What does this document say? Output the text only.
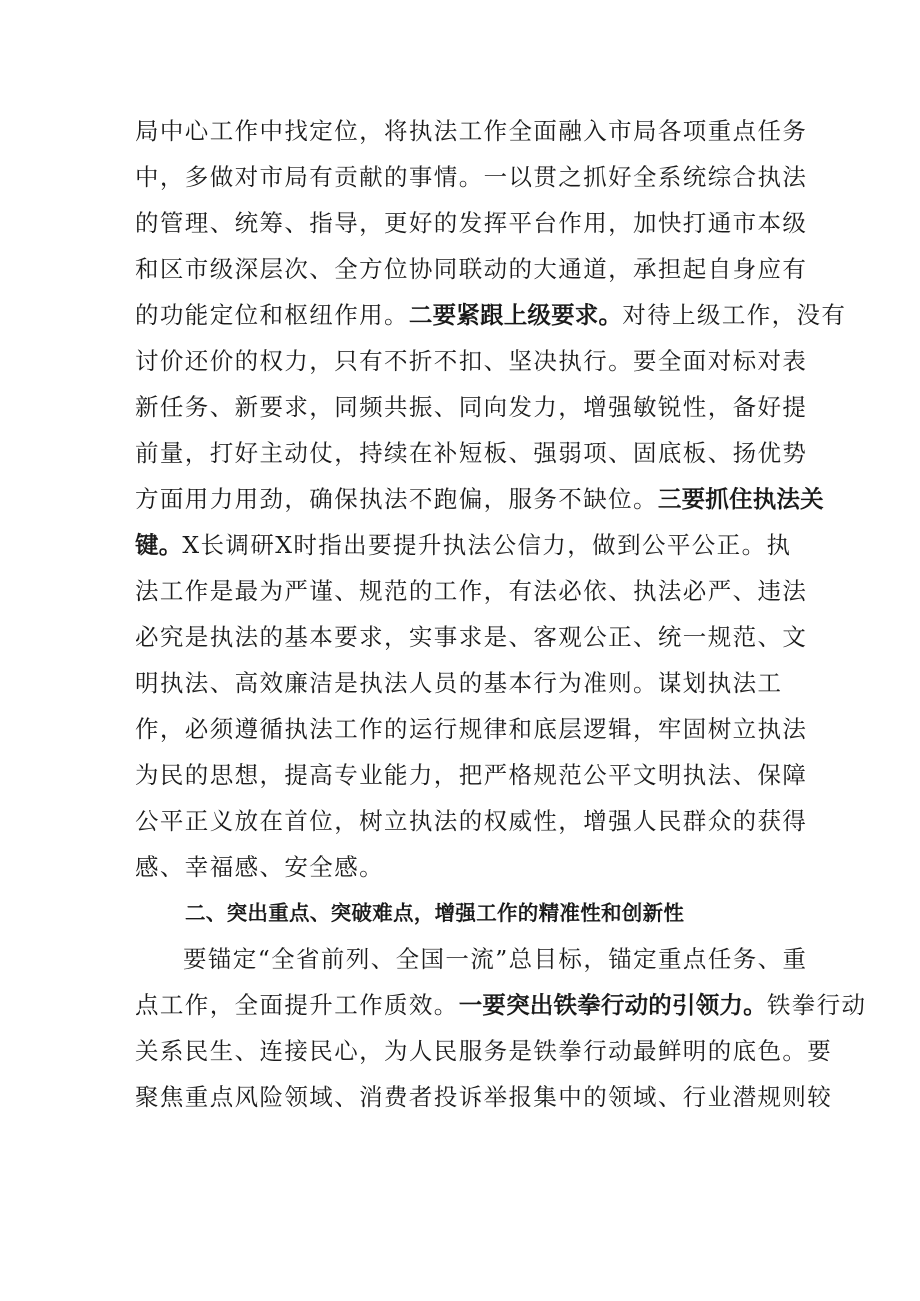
局中心工作中找定位，将执法工作全面融入市局各项重点任务
中，多做对市局有贡献的事情。一以贯之抓好全系统综合执法
的管理、统筹、指导，更好的发挥平台作用，加快打通市本级
和区市级深层次、全方位协同联动的大通道，承担起自身应有
的功能定位和枢纽作用。二要紧跟上级要求。对待上级工作，没有
讨价还价的权力，只有不折不扣、坚决执行。要全面对标对表
新任务、新要求，同频共振、同向发力，增强敏锐性，备好提
前量，打好主动仗，持续在补短板、强弱项、固底板、扬优势
方面用力用劲，确保执法不跑偏，服务不缺位。三要抓住执法关
键。X长调研X时指出要提升执法公信力，做到公平公正。执
法工作是最为严谨、规范的工作，有法必依、执法必严、违法
必究是执法的基本要求，实事求是、客观公正、统一规范、文
明执法、高效廉洁是执法人员的基本行为准则。谋划执法工
作，必须遵循执法工作的运行规律和底层逻辑，牢固树立执法
为民的思想，提高专业能力，把严格规范公平文明执法、保障
公平正义放在首位，树立执法的权威性，增强人民群众的获得
感、幸福感、安全感。
二、突出重点、突破难点，增强工作的精准性和创新性
要锚定“全省前列、全国一流”总目标，锚定重点任务、重
点工作，全面提升工作质效。一要突出铁拳行动的引领力。铁拳行动
关系民生、连接民心，为人民服务是铁拳行动最鲜明的底色。要
聚焦重点风险领域、消费者投诉举报集中的领域、行业潜规则较
